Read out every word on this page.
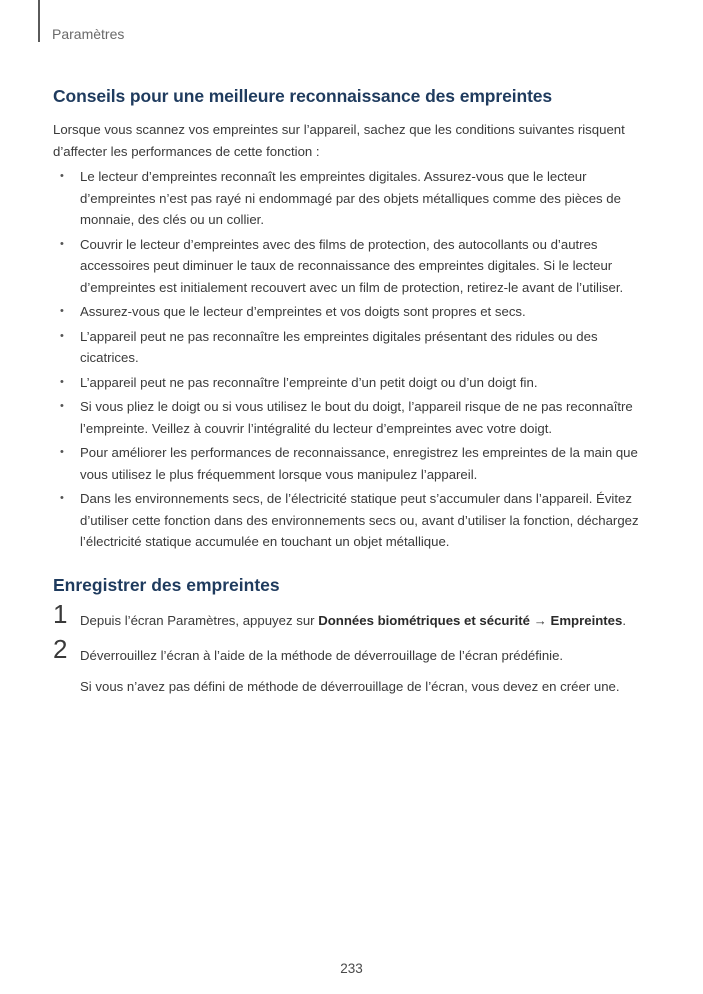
Paramètres
Conseils pour une meilleure reconnaissance des empreintes

Lorsque vous scannez vos empreintes sur l’appareil, sachez que les conditions suivantes risquent d’affecter les performances de cette fonction :

• Le lecteur d’empreintes reconnaît les empreintes digitales. Assurez-vous que le lecteur d’empreintes n’est pas rayé ni endommagé par des objets métalliques comme des pièces de monnaie, des clés ou un collier.
• Couvrir le lecteur d’empreintes avec des films de protection, des autocollants ou d’autres accessoires peut diminuer le taux de reconnaissance des empreintes digitales. Si le lecteur d’empreintes est initialement recouvert avec un film de protection, retirez-le avant de l’utiliser.
• Assurez-vous que le lecteur d’empreintes et vos doigts sont propres et secs.
• L’appareil peut ne pas reconnaître les empreintes digitales présentant des ridules ou des cicatrices.
• L’appareil peut ne pas reconnaître l’empreinte d’un petit doigt ou d’un doigt fin.
• Si vous pliez le doigt ou si vous utilisez le bout du doigt, l’appareil risque de ne pas reconnaître l’empreinte. Veillez à couvrir l’intégralité du lecteur d’empreintes avec votre doigt.
• Pour améliorer les performances de reconnaissance, enregistrez les empreintes de la main que vous utilisez le plus fréquemment lorsque vous manipulez l’appareil.
• Dans les environnements secs, de l’électricité statique peut s’accumuler dans l’appareil. Évitez d’utiliser cette fonction dans des environnements secs ou, avant d’utiliser la fonction, déchargez l’électricité statique accumulée en touchant un objet métallique.
Enregistrer des empreintes
1 Depuis l’écran Paramètres, appuyez sur Données biométriques et sécurité → Empreintes.

2 Déverrouillez l’écran à l’aide de la méthode de déverrouillage de l’écran prédéfinie.

Si vous n’avez pas défini de méthode de déverrouillage de l’écran, vous devez en créer une.

233
